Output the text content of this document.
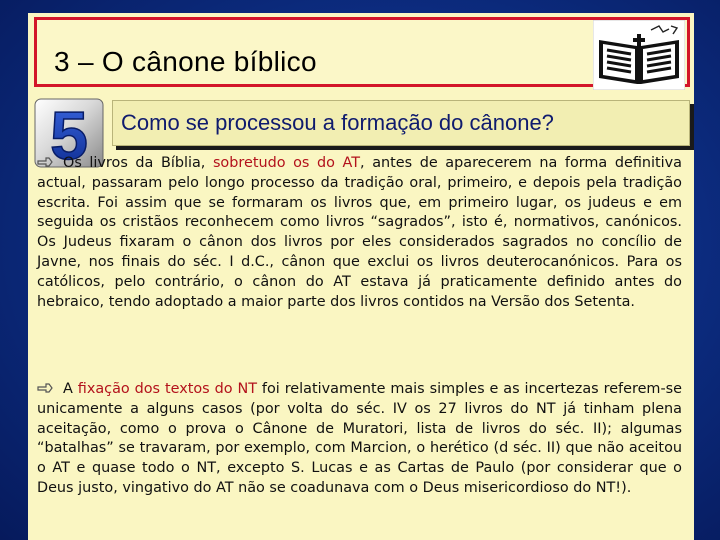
3 – O cânone bíblico
5 Como se processou a formação do cânone?

Os livros da Bíblia, sobretudo os do AT, antes de aparecerem na forma definitiva actual, passaram pelo longo processo da tradição oral, primeiro, e depois pela tradição escrita. Foi assim que se formaram os livros que, em primeiro lugar, os judeus e em seguida os cristãos reconhecem como livros “sagrados”, isto é, normativos, canónicos. Os Judeus fixaram o cânon dos livros por eles considerados sagrados no concílio de Javne, nos finais do séc. I d.C., cânon que exclui os livros deuterocanónicos. Para os católicos, pelo contrário, o cânon do AT estava já praticamente definido antes do hebraico, tendo adoptado a maior parte dos livros contidos na Versão dos Setenta.

A fixação dos textos do NT foi relativamente mais simples e as incertezas referem-se unicamente a alguns casos (por volta do séc. IV os 27 livros do NT já tinham plena aceitação, como o prova o Cânone de Muratori, lista de livros do séc. II); algumas “batalhas” se travaram, por exemplo, com Marcion, o herético (d séc. II) que não aceitou o AT e quase todo o NT, excepto S. Lucas e as Cartas de Paulo (por considerar que o Deus justo, vingativo do AT não se coadunava com o Deus misericordioso do NT!).
